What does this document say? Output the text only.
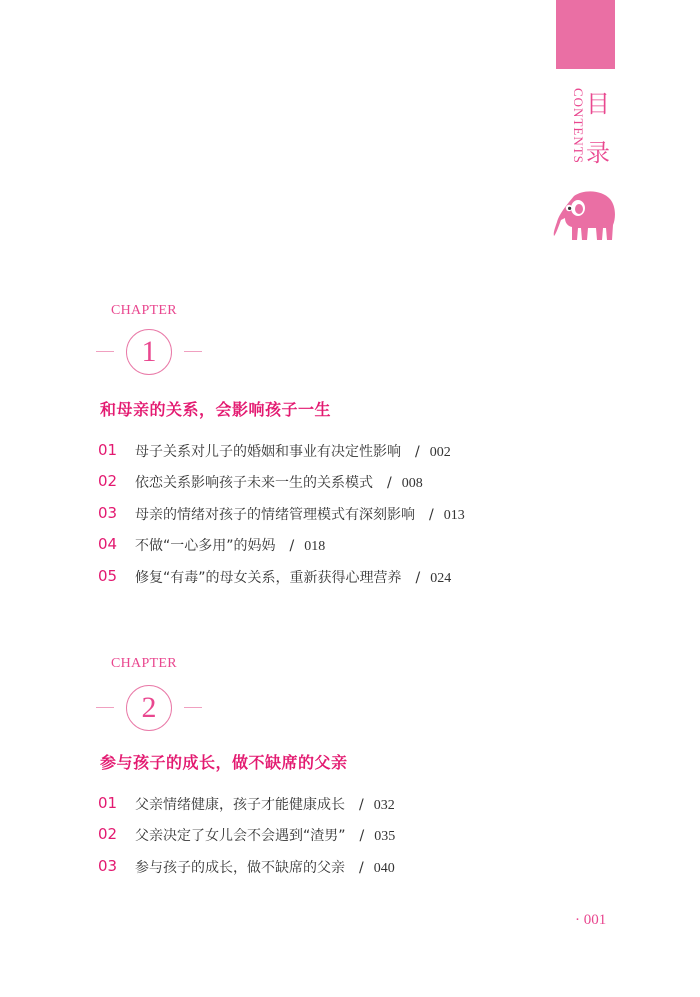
CONTENTS 目
录
CHAPTER
1
和母亲的关系，会影响孩子一生
01 母子关系对儿子的婚姻和事业有决定性影响 / 002
02 依恋关系影响孩子未来一生的关系模式 / 008
03 母亲的情绪对孩子的情绪管理模式有深刻影响 / 013
04 不做“一心多用”的妈妈 / 018
05 修复“有毒”的母女关系，重新获得心理营养 / 024
CHAPTER
2
参与孩子的成长，做不缺席的父亲
01 父亲情绪健康，孩子才能健康成长 / 032
02 父亲决定了女儿会不会遇到“渣男” / 035
03 参与孩子的成长，做不缺席的父亲 / 040
· 001
